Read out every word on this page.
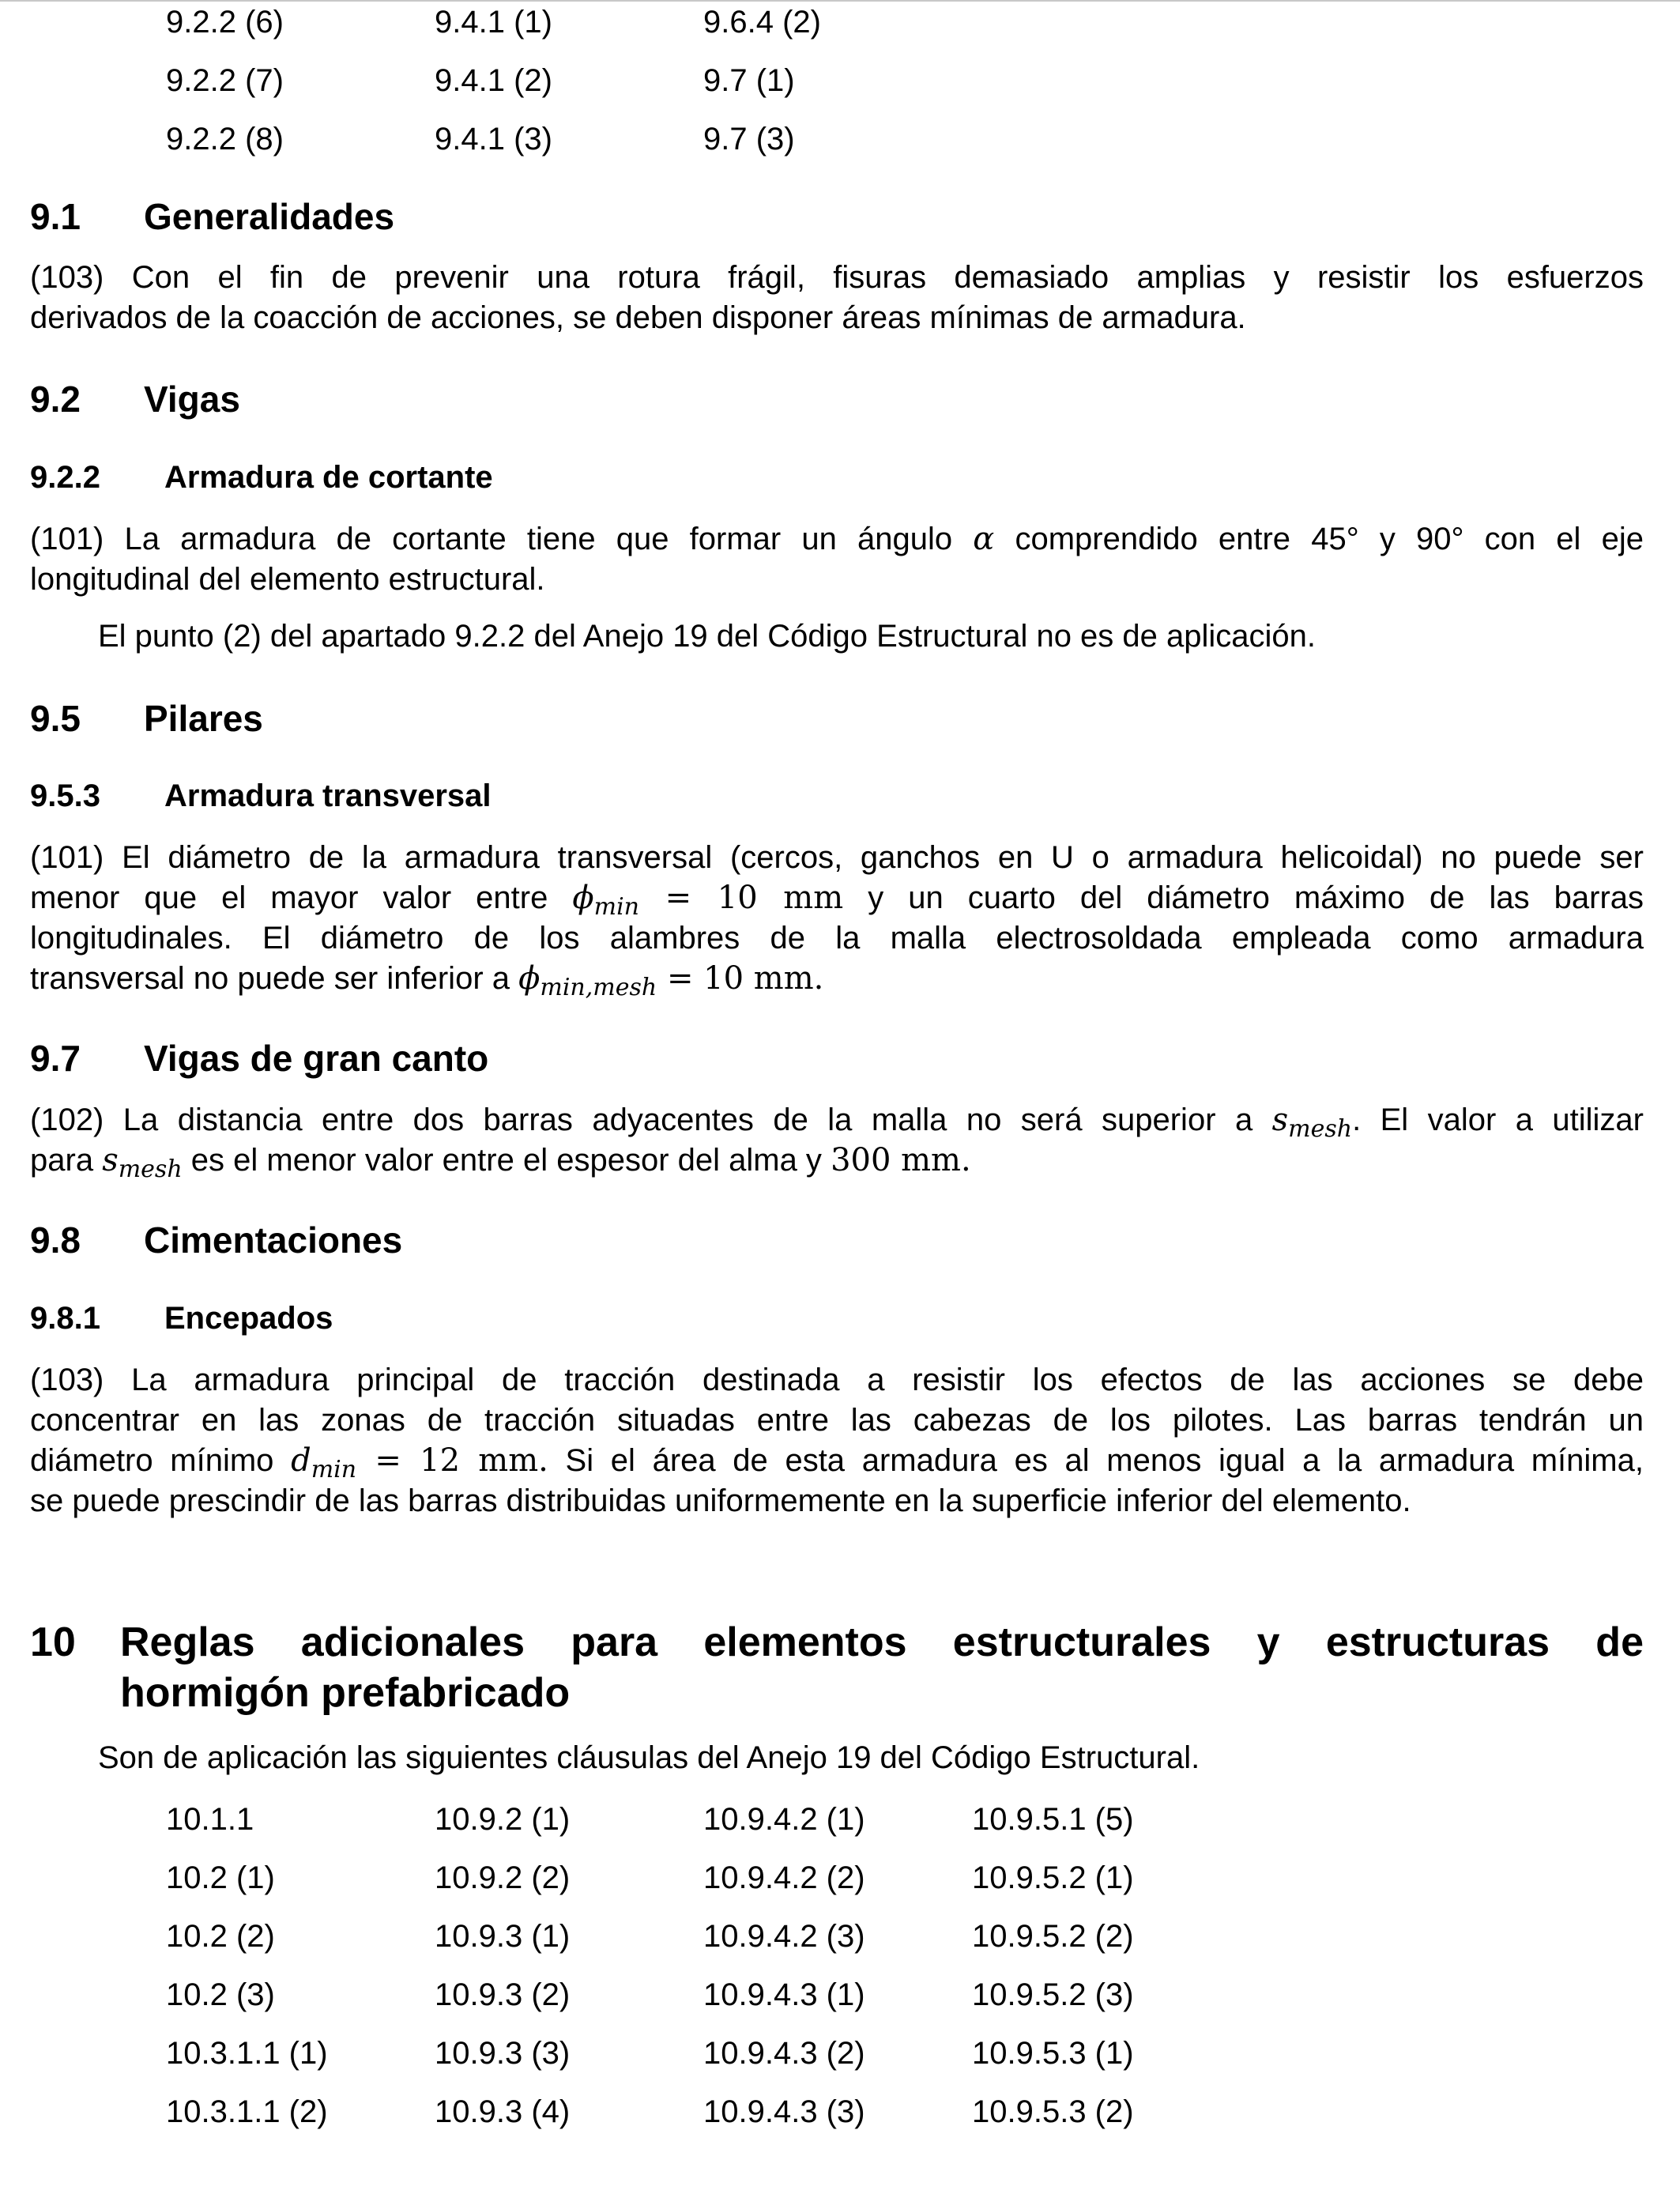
9.2.2 (6)	9.4.1 (1)	9.6.4 (2)
9.2.2 (7)	9.4.1 (2)	9.7 (1)
9.2.2 (8)	9.4.1 (3)	9.7 (3)
9.1 Generalidades
(103) Con el fin de prevenir una rotura frágil, fisuras demasiado amplias y resistir los esfuerzos
derivados de la coacción de acciones, se deben disponer áreas mínimas de armadura.
9.2 Vigas
9.2.2 Armadura de cortante
(101) La armadura de cortante tiene que formar un ángulo α comprendido entre 45° y 90° con el eje
longitudinal del elemento estructural.
El punto (2) del apartado 9.2.2 del Anejo 19 del Código Estructural no es de aplicación.
9.5 Pilares
9.5.3 Armadura transversal
(101) El diámetro de la armadura transversal (cercos, ganchos en U o armadura helicoidal) no puede ser
menor que el mayor valor entre $\phi_{min} = 10$ mm y un cuarto del diámetro máximo de las barras
longitudinales. El diámetro de los alambres de la malla electrosoldada empleada como armadura
transversal no puede ser inferior a $\phi_{min,mesh} = 10$ mm.
9.7 Vigas de gran canto
(102) La distancia entre dos barras adyacentes de la malla no será superior a $s_{mesh}$. El valor a utilizar
para $s_{mesh}$ es el menor valor entre el espesor del alma y 300 mm.
9.8 Cimentaciones
9.8.1 Encepados
(103) La armadura principal de tracción destinada a resistir los efectos de las acciones se debe
concentrar en las zonas de tracción situadas entre las cabezas de los pilotes. Las barras tendrán un
diámetro mínimo $d_{min} = 12$ mm. Si el área de esta armadura es al menos igual a la armadura mínima,
se puede prescindir de las barras distribuidas uniformemente en la superficie inferior del elemento.
10 Reglas adicionales para elementos estructurales y estructuras de
hormigón prefabricado
Son de aplicación las siguientes cláusulas del Anejo 19 del Código Estructural.
10.1.1	10.9.2 (1)	10.9.4.2 (1)	10.9.5.1 (5)
10.2 (1)	10.9.2 (2)	10.9.4.2 (2)	10.9.5.2 (1)
10.2 (2)	10.9.3 (1)	10.9.4.2 (3)	10.9.5.2 (2)
10.2 (3)	10.9.3 (2)	10.9.4.3 (1)	10.9.5.2 (3)
10.3.1.1 (1)	10.9.3 (3)	10.9.4.3 (2)	10.9.5.3 (1)
10.3.1.1 (2)	10.9.3 (4)	10.9.4.3 (3)	10.9.5.3 (2)
